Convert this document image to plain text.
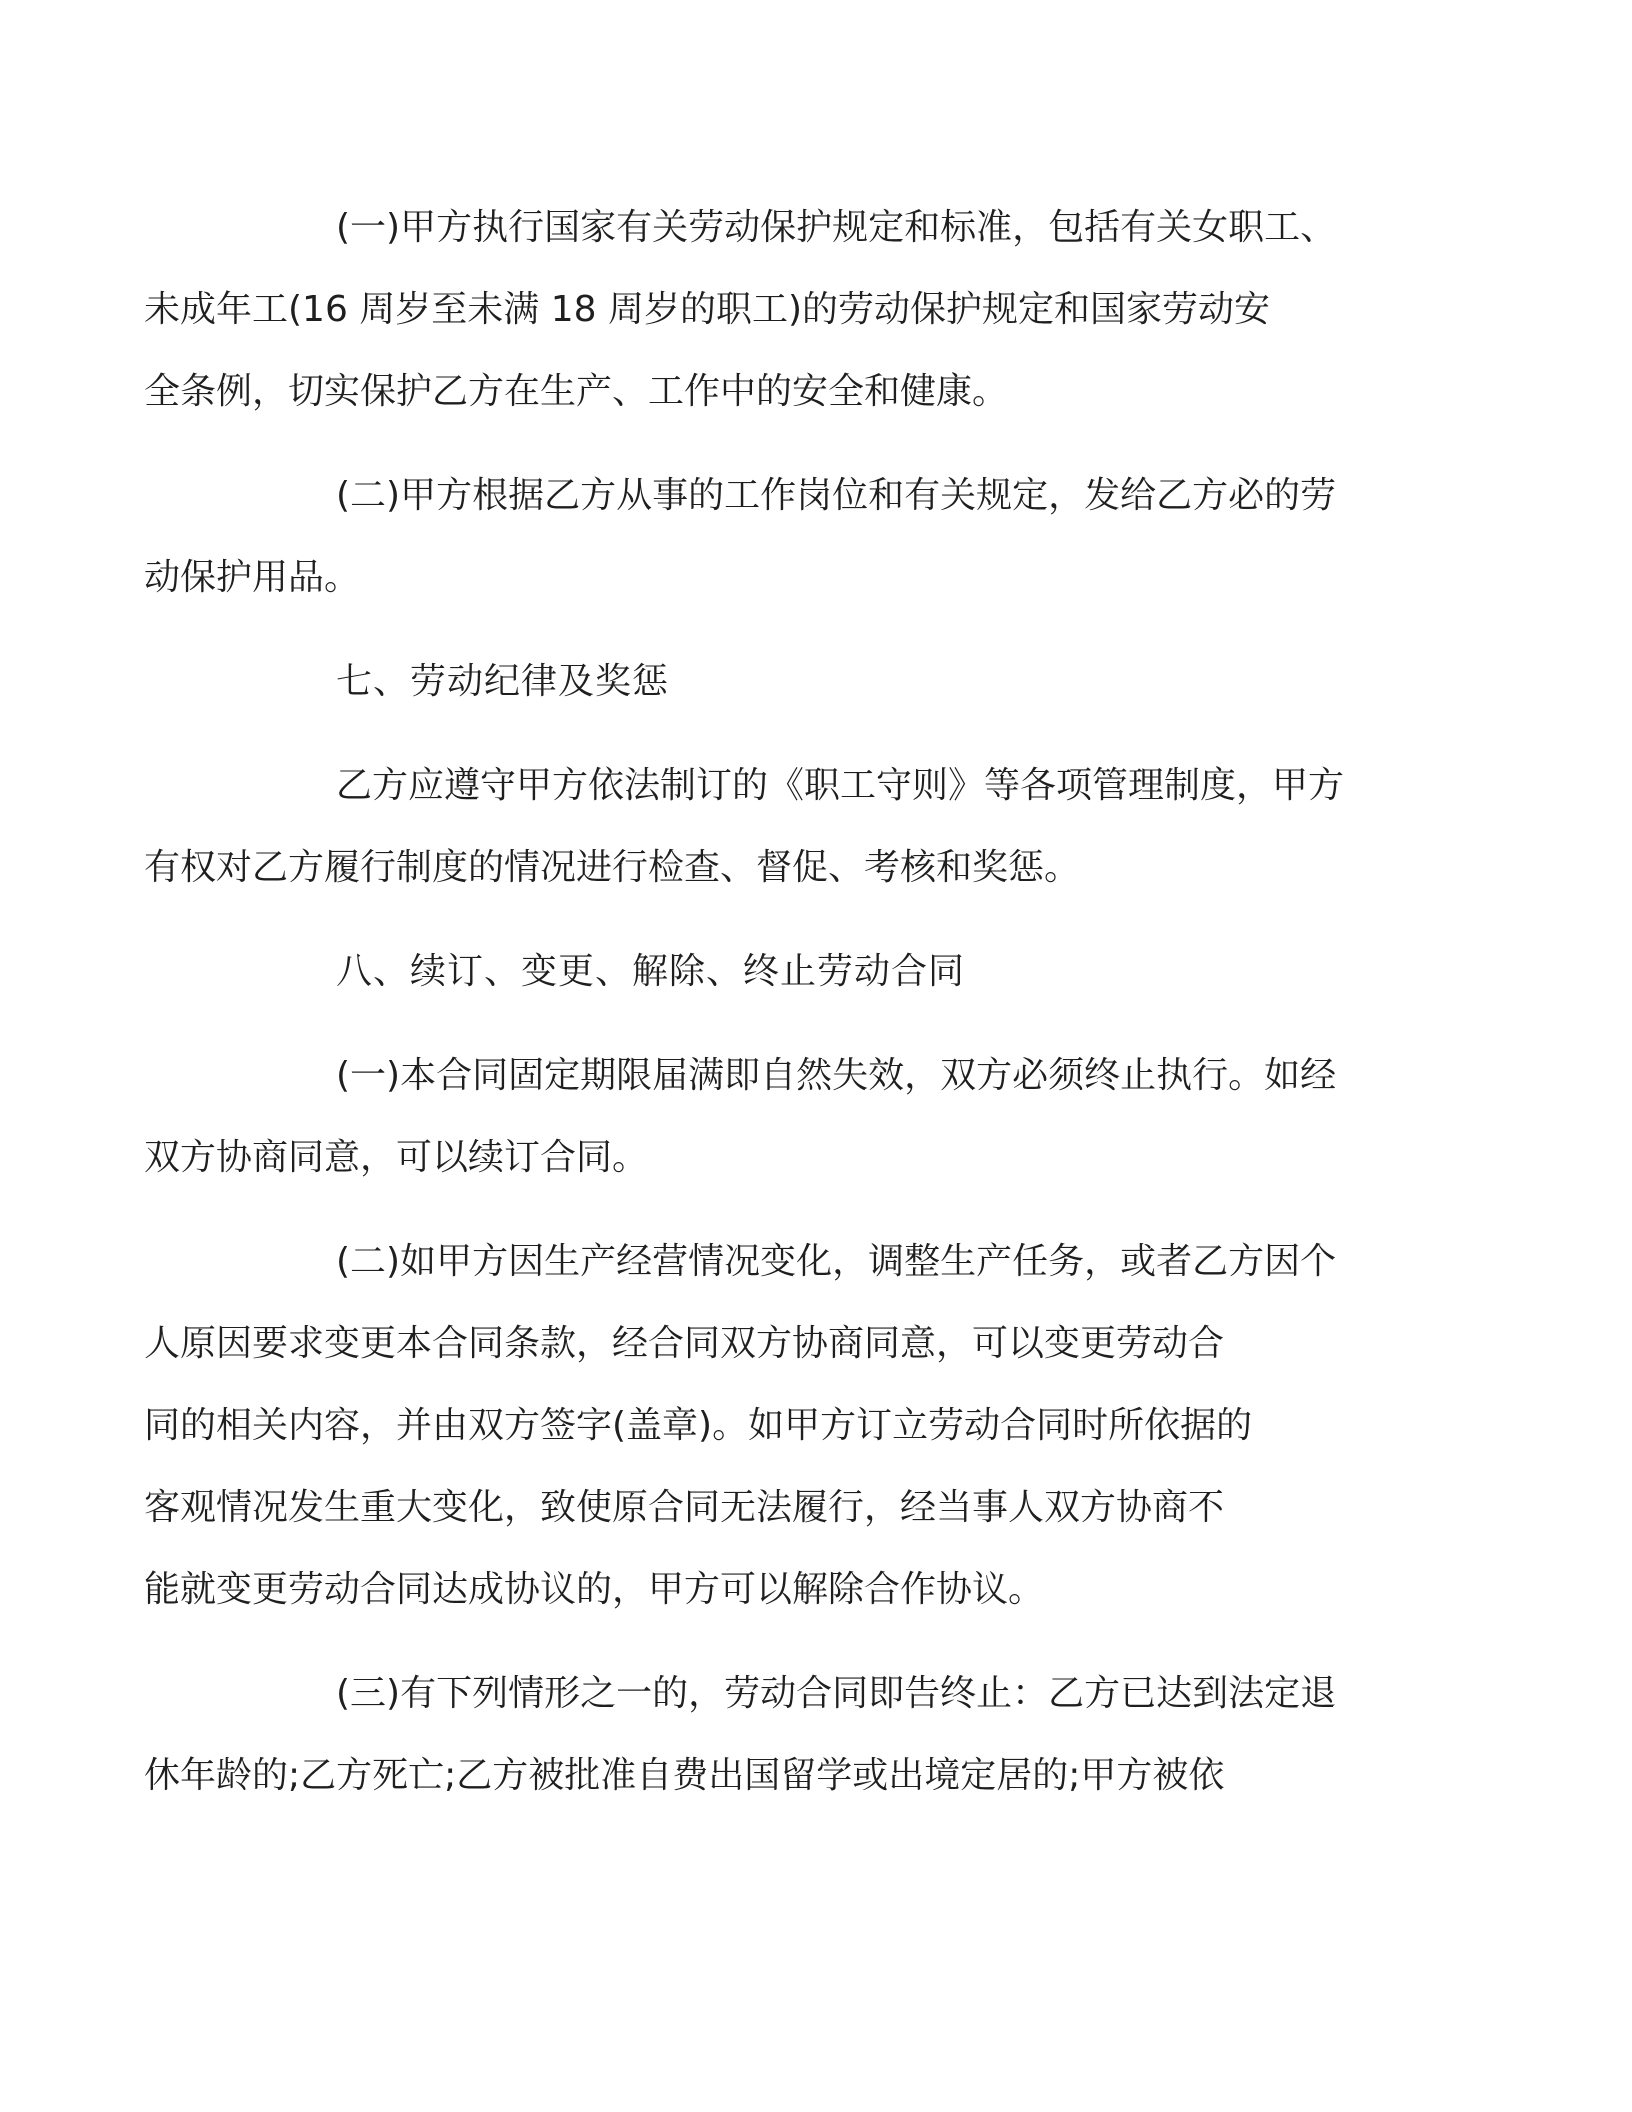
(一)甲方执行国家有关劳动保护规定和标准，包括有关女职工、
未成年工(16 周岁至未满 18 周岁的职工)的劳动保护规定和国家劳动安
全条例，切实保护乙方在生产、工作中的安全和健康。

(二)甲方根据乙方从事的工作岗位和有关规定，发给乙方必的劳
动保护用品。

七、劳动纪律及奖惩

乙方应遵守甲方依法制订的《职工守则》等各项管理制度，甲方
有权对乙方履行制度的情况进行检查、督促、考核和奖惩。

八、续订、变更、解除、终止劳动合同

(一)本合同固定期限届满即自然失效，双方必须终止执行。如经
双方协商同意，可以续订合同。

(二)如甲方因生产经营情况变化，调整生产任务，或者乙方因个
人原因要求变更本合同条款，经合同双方协商同意，可以变更劳动合
同的相关内容，并由双方签字(盖章)。如甲方订立劳动合同时所依据的
客观情况发生重大变化，致使原合同无法履行，经当事人双方协商不
能就变更劳动合同达成协议的，甲方可以解除合作协议。

(三)有下列情形之一的，劳动合同即告终止：乙方已达到法定退
休年龄的;乙方死亡;乙方被批准自费出国留学或出境定居的;甲方被依
